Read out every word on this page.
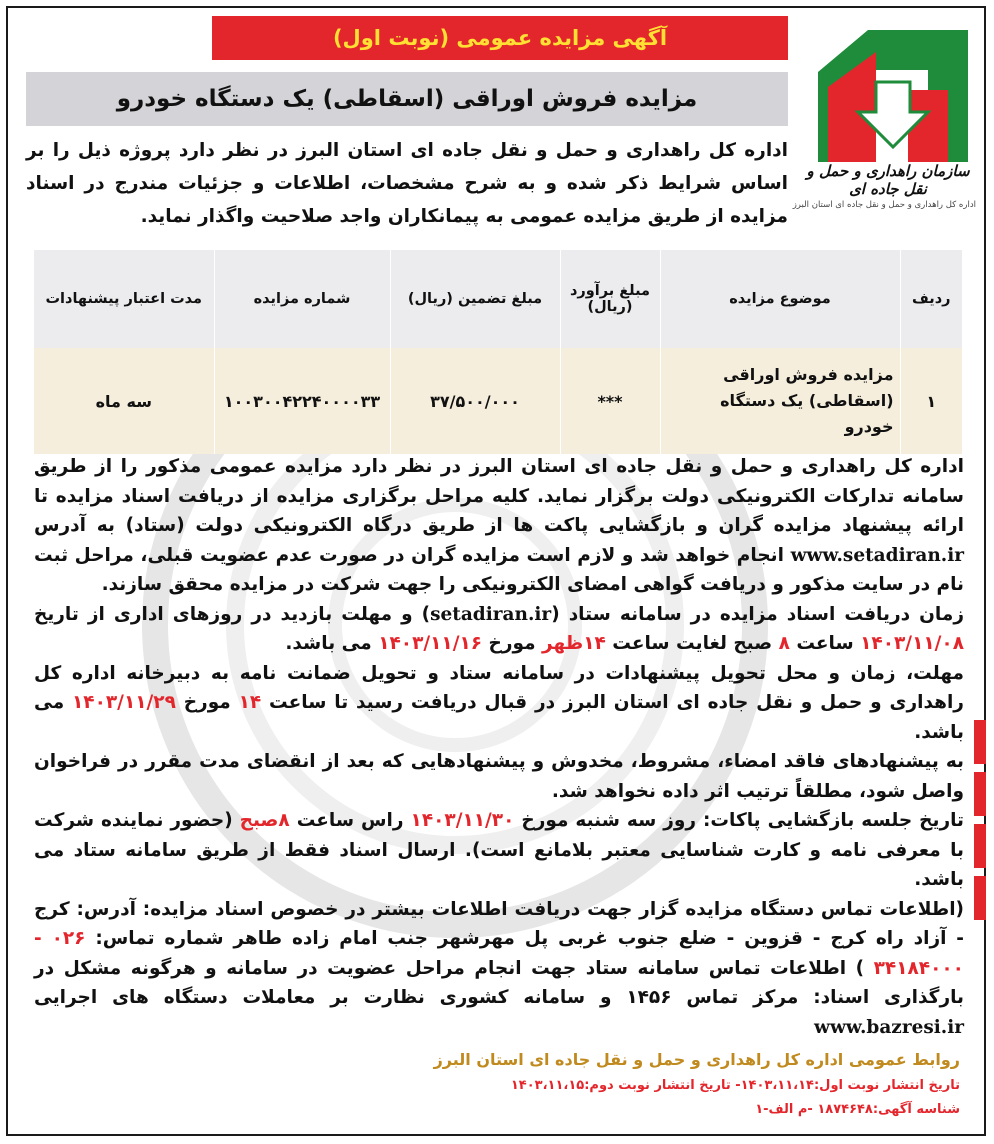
سازمان راهداری و حمل و نقل جاده ای
اداره کل راهداری و حمل و نقل جاده ای استان البرز
آگهی مزایده عمومی (نوبت اول)
مزایده فروش اوراقی (اسقاطی) یک دستگاه خودرو
اداره کل راهداری و حمل و نقل جاده ای استان البرز در نظر دارد پروژه ذیل را بر اساس شرایط ذکر شده و به شرح مشخصات، اطلاعات و جزئیات مندرج در اسناد مزایده از طریق مزایده عمومی به پیمانکاران واجد صلاحیت واگذار نماید.
ردیف	موضوع مزایده	مبلغ برآورد (ریال)	مبلغ تضمین (ریال)	شماره مزایده	مدت اعتبار پیشنهادات
۱	مزایده فروش اوراقی (اسقاطی) یک دستگاه خودرو	***	۳۷/۵۰۰/۰۰۰	۱۰۰۳۰۰۴۲۲۴۰۰۰۰۳۳	سه ماه

اداره کل راهداری و حمل و نقل جاده ای استان البرز در نظر دارد مزایده عمومی مذکور را از طریق سامانه تدارکات الکترونیکی دولت برگزار نماید. کلیه مراحل برگزاری مزایده از دریافت اسناد مزایده تا ارائه پیشنهاد مزایده گران و بازگشایی پاکت ها از طریق درگاه الکترونیکی دولت (ستاد) به آدرس www.setadiran.ir انجام خواهد شد و لازم است مزایده گران در صورت عدم عضویت قبلی، مراحل ثبت نام در سایت مذکور و دریافت گواهی امضای الکترونیکی را جهت شرکت در مزایده محقق سازند.

زمان دریافت اسناد مزایده در سامانه ستاد (setadiran.ir) و مهلت بازدید در روزهای اداری از تاریخ ۱۴۰۳/۱۱/۰۸ ساعت ۸ صبح لغایت ساعت ۱۴ظهر مورخ ۱۴۰۳/۱۱/۱۶ می باشد.

مهلت، زمان و محل تحویل پیشنهادات در سامانه ستاد و تحویل ضمانت نامه به دبیرخانه اداره کل راهداری و حمل و نقل جاده ای استان البرز در قبال دریافت رسید تا ساعت ۱۴ مورخ ۱۴۰۳/۱۱/۲۹ می باشد.

به پیشنهادهای فاقد امضاء، مشروط، مخدوش و پیشنهادهایی که بعد از انقضای مدت مقرر در فراخوان واصل شود، مطلقاً ترتیب اثر داده نخواهد شد.

تاریخ جلسه بازگشایی پاکات: روز سه شنبه مورخ ۱۴۰۳/۱۱/۳۰ راس ساعت ۸صبح (حضور نماینده شرکت با معرفی نامه و کارت شناسایی معتبر بلامانع است). ارسال اسناد فقط از طریق سامانه ستاد می باشد.

(اطلاعات تماس دستگاه مزایده گزار جهت دریافت اطلاعات بیشتر در خصوص اسناد مزایده: آدرس: کرج - آزاد راه کرج - قزوین - ضلع جنوب غربی پل مهرشهر جنب امام زاده طاهر شماره تماس: ۰۲۶ - ۳۴۱۸۴۰۰۰ ) اطلاعات تماس سامانه ستاد جهت انجام مراحل عضویت در سامانه و هرگونه مشکل در بارگذاری اسناد: مرکز تماس ۱۴۵۶ و سامانه کشوری نظارت بر معاملات دستگاه های اجرایی www.bazresi.ir

روابط عمومی اداره کل راهداری و حمل و نقل جاده ای استان البرز
تاریخ انتشار نوبت اول:۱۴۰۳،۱۱،۱۴- تاریخ انتشار نوبت دوم:۱۴۰۳،۱۱،۱۵
شناسه آگهی:۱۸۷۴۶۴۸ -م الف-۱
